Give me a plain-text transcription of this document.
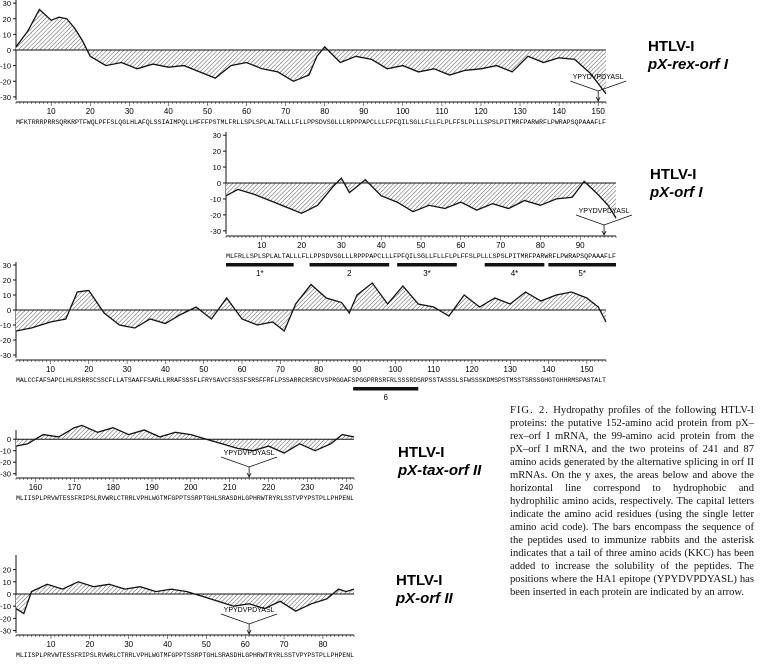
30
20
10
0
-10
-20
-30
10	20	30	40	50	60	70	80	90	100	110	120	130	140	150
MFKTRRRPRRSQRKRPTFWQLPFFSLQGLHLAFQLSSIAIMPQLLHFFFPSTMLFRLLSPLSPLALTALLLFLLPPSDVSGLLLRPPPAPCLLLFPFQILSGLLFLLFLPLFFSLPLLLSPSLPITMRFPARWRFLPWRAPSQPAAAFLF
YPYDVPDYASL
HTLV-I
pX-rex-orf I
30
20
10
0
-10
-20
-30
10	20	30	40	50	60	70	80	90
MLFRLLSPLSPLALTALLLFLLPPSDVSGLLLRPPPAPCLLLFPFQILSGLLFLLFLPLFFSLPLLLSPSLPITMRFPARWRFLPWRAPSQPAAAFLF
1*	2	3*	4*	5*
YPYDVPDYASL
HTLV-I
pX-orf I
30
20
10
0
-10
-20
-30
10	20	30	40	50	60	70	80	90	100	110	120	130	140	150
MALCCFAFSAPCLHLRSRRSCSSCFLLATSAAFFSARLLRRAFSSSFLFRYSAVCFSSSFSRSFFRFLPSSARRCRSRCVSPRGGAFSPGGPRRSRFRLSSSRDSRPSSTASSSLSFWSSSKDMSPSTMSSTSRSSGHGTGHHRMSPASTALT
6
0
-10
-20
-30
160	170	180	190	200	210	220	230	240
MLIISPLPRVWTESSFRIPSLRVWRLCTRRLVPHLWGTMFGPPTSSRPTGHLSRASDHLGPHRWTRYRLSSTVPYPSTPLLPHPENL
YPYDVPDYASL	HTLV-I
pX-tax-orf II
20
10
0
-10
-20
-30
10	20	30	40	50	60	70	80
MLIISPLPRVWTESSFRIPSLRVWRLCTRRLVPHLWGTMFGPPTSSRPTGHLSRASDHLGPHRWTRYRLSSTVPYPSTPLLPHPENL
YPYDVPDYASL
HTLV-I
pX-orf II
FIG. 2. Hydropathy profiles of the following HTLV-I proteins: the putative 152-amino acid protein from pX–rex–orf I mRNA, the 99-amino acid protein from the pX–orf I mRNA, and the two proteins of 241 and 87 amino acids generated by the alternative splicing in orf II mRNAs. On the y axes, the areas below and above the horizontal line correspond to hydrophobic and hydrophilic amino acids, respectively. The capital letters indicate the amino acid residues (using the single letter amino acid code). The bars encompass the sequence of the peptides used to immunize rabbits and the asterisk indicates that a tail of three amino acids (KKC) has been added to increase the solubility of the peptides. The positions where the HA1 epitope (YPYDVPDYASL) has been inserted in each protein are indicated by an arrow.
